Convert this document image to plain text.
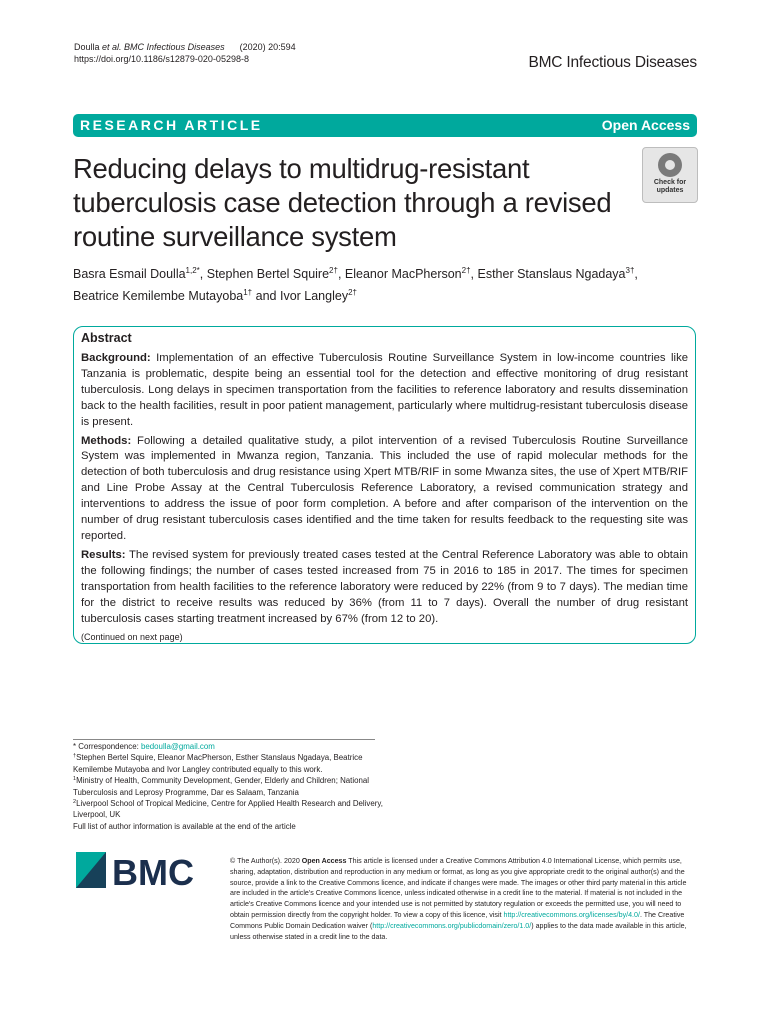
Doulla et al. BMC Infectious Diseases (2020) 20:594
https://doi.org/10.1186/s12879-020-05298-8	BMC Infectious Diseases
RESEARCH ARTICLE	Open Access
Reducing delays to multidrug-resistant tuberculosis case detection through a revised routine surveillance system
Check for
updates
Basra Esmail Doulla$^{1,2*}$, Stephen Bertel Squire$^{2\dagger}$, Eleanor MacPherson$^{2\dagger}$, Esther Stanslaus Ngadaya$^{3\dagger}$,
Beatrice Kemilembe Mutayoba$^{1\dagger}$ and Ivor Langley$^{2\dagger}$
Abstract

Background: Implementation of an effective Tuberculosis Routine Surveillance System in low-income countries like Tanzania is problematic, despite being an essential tool for the detection and effective monitoring of drug resistant tuberculosis. Long delays in specimen transportation from the facilities to reference laboratory and results dissemination back to the health facilities, result in poor patient management, particularly where multidrug-resistant tuberculosis disease is present.

Methods: Following a detailed qualitative study, a pilot intervention of a revised Tuberculosis Routine Surveillance System was implemented in Mwanza region, Tanzania. This included the use of rapid molecular methods for the detection of both tuberculosis and drug resistance using Xpert MTB/RIF in some Mwanza sites, the use of Xpert MTB/RIF and Line Probe Assay at the Central Tuberculosis Reference Laboratory, a revised communication strategy and interventions to address the issue of poor form completion. A before and after comparison of the intervention on the number of drug resistant tuberculosis cases identified and the time taken for results feedback to the requesting site was reported.

Results: The revised system for previously treated cases tested at the Central Reference Laboratory was able to obtain the following findings; the number of cases tested increased from 75 in 2016 to 185 in 2017. The times for specimen transportation from health facilities to the reference laboratory were reduced by 22% (from 9 to 7 days). The median time for the district to receive results was reduced by 36% (from 11 to 7 days). Overall the number of drug resistant tuberculosis cases starting treatment increased by 67% (from 12 to 20).

(Continued on next page)

* Correspondence: bedoulla@gmail.com
†Stephen Bertel Squire, Eleanor MacPherson, Esther Stanslaus Ngadaya, Beatrice Kemilembe Mutayoba and Ivor Langley contributed equally to this work.
$^1$Ministry of Health, Community Development, Gender, Elderly and Children; National Tuberculosis and Leprosy Programme, Dar es Salaam, Tanzania
$^2$Liverpool School of Tropical Medicine, Centre for Applied Health Research and Delivery, Liverpool, UK
Full list of author information is available at the end of the article
BMC	© The Author(s). 2020 Open Access This article is licensed under a Creative Commons Attribution 4.0 International License, which permits use, sharing, adaptation, distribution and reproduction in any medium or format, as long as you give appropriate credit to the original author(s) and the source, provide a link to the Creative Commons licence, and indicate if changes were made. The images or other third party material in this article are included in the article's Creative Commons licence, unless indicated otherwise in a credit line to the material. If material is not included in the article's Creative Commons licence and your intended use is not permitted by statutory regulation or exceeds the permitted use, you will need to obtain permission directly from the copyright holder. To view a copy of this licence, visit http://creativecommons.org/licenses/by/4.0/. The Creative Commons Public Domain Dedication waiver (http://creativecommons.org/publicdomain/zero/1.0/) applies to the data made available in this article, unless otherwise stated in a credit line to the data.
